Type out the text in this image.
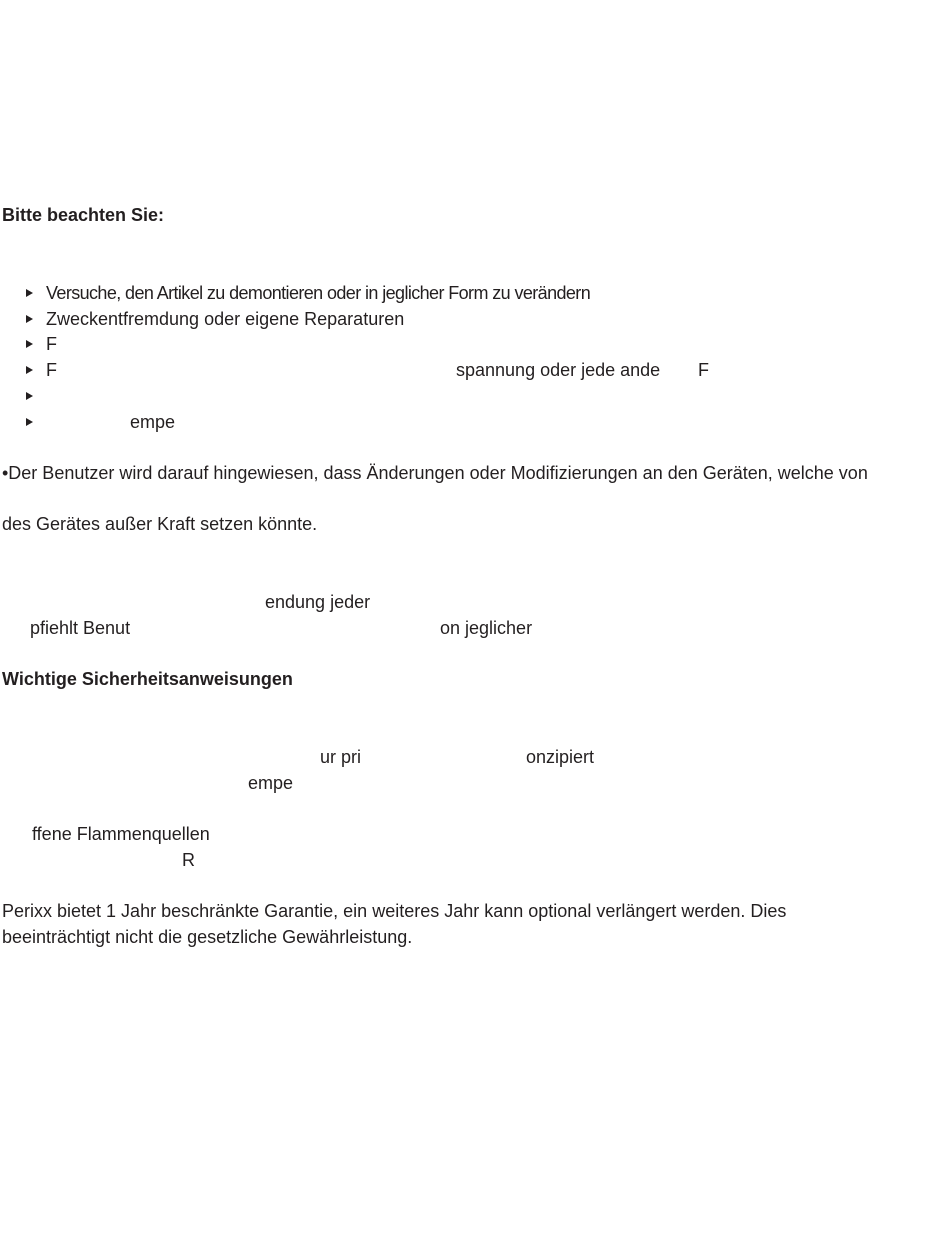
Bitte beachten Sie:

Versuche, den Artikel zu demontieren oder in jeglicher Form zu verändern
Zweckentfremdung oder eigene Reparaturen
F
F	spannung oder jede ande F
empe

•Der Benutzer wird darauf hingewiesen, dass Änderungen oder Modifizierungen an den Geräten, welche von

des Gerätes außer Kraft setzen könnte.

endung jeder

pfiehlt Benut	on jeglicher

Wichtige Sicherheitsanweisungen

ur pri	onzipiert

empe

ffene Flammenquellen

R

Perixx bietet 1 Jahr beschränkte Garantie, ein weiteres Jahr kann optional verlängert werden. Dies

beeinträchtigt nicht die gesetzliche Gewährleistung.
